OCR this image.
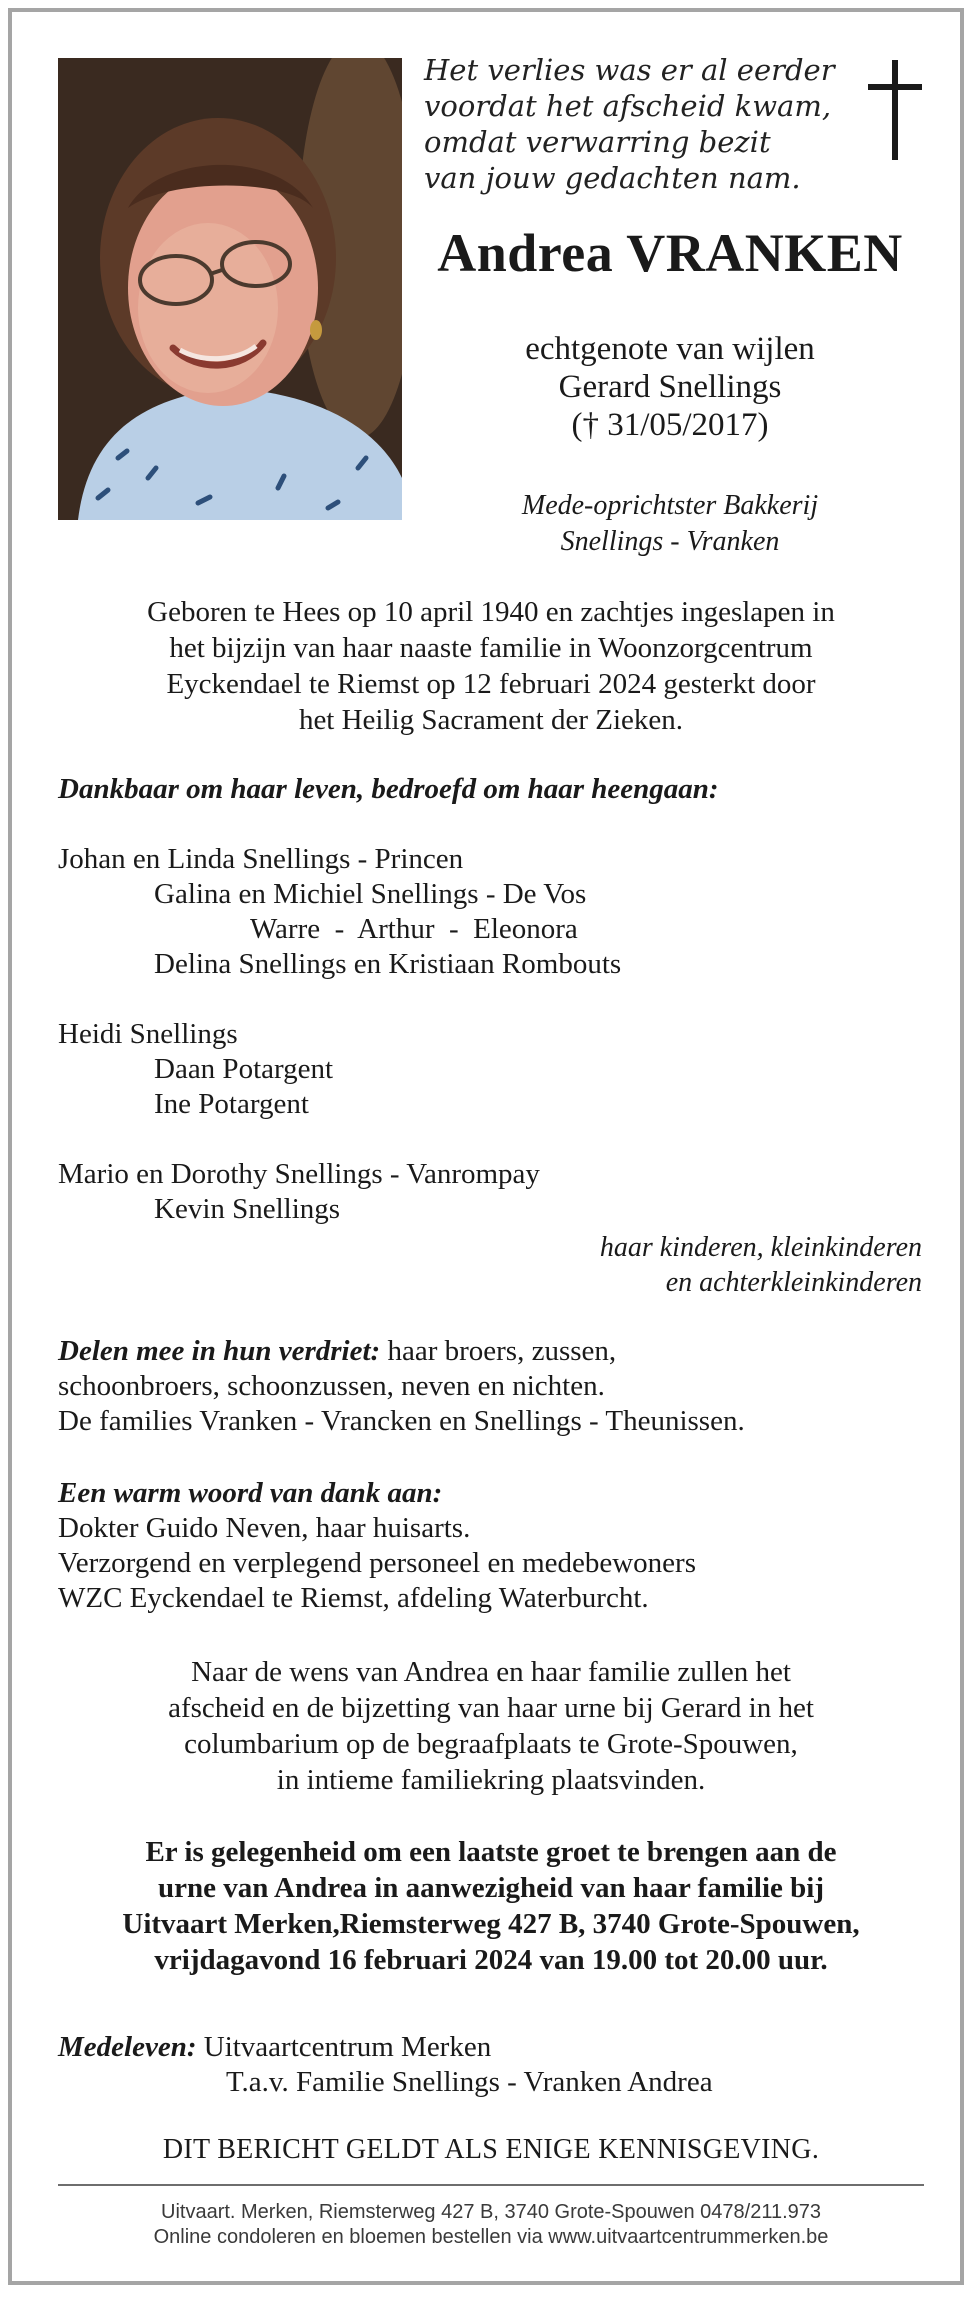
Het verlies was er al eerder
voordat het afscheid kwam,
omdat verwarring bezit
van jouw gedachten nam.
Andrea VRANKEN
echtgenote van wijlen
Gerard Snellings
(† 31/05/2017)
Mede-oprichtster Bakkerij
Snellings - Vranken
Geboren te Hees op 10 april 1940 en zachtjes ingeslapen in
het bijzijn van haar naaste familie in Woonzorgcentrum
Eyckendael te Riemst op 12 februari 2024 gesterkt door
het Heilig Sacrament der Zieken.
Dankbaar om haar leven, bedroefd om haar heengaan:
Johan en Linda Snellings - Princen
Galina en Michiel Snellings - De Vos
Warre  -  Arthur  -  Eleonora
Delina Snellings en Kristiaan Rombouts
Heidi Snellings
Daan Potargent
Ine Potargent
Mario en Dorothy Snellings - Vanrompay
Kevin Snellings
haar kinderen, kleinkinderen
en achterkleinkinderen
Delen mee in hun verdriet: haar broers, zussen,
schoonbroers, schoonzussen, neven en nichten.
De families Vranken - Vrancken en Snellings - Theunissen.
Een warm woord van dank aan:
Dokter Guido Neven, haar huisarts.
Verzorgend en verplegend personeel en medebewoners
WZC Eyckendael te Riemst, afdeling Waterburcht.
Naar de wens van Andrea en haar familie zullen het
afscheid en de bijzetting van haar urne bij Gerard in het
columbarium op de begraafplaats te Grote-Spouwen,
in intieme familiekring plaatsvinden.
Er is gelegenheid om een laatste groet te brengen aan de
urne van Andrea in aanwezigheid van haar familie bij
Uitvaart Merken,Riemsterweg 427 B, 3740 Grote-Spouwen,
vrijdagavond 16 februari 2024 van 19.00 tot 20.00 uur.
Medeleven: Uitvaartcentrum Merken
T.a.v. Familie Snellings - Vranken Andrea
DIT BERICHT GELDT ALS ENIGE KENNISGEVING.
Uitvaart. Merken, Riemsterweg 427 B, 3740 Grote-Spouwen 0478/211.973
Online condoleren en bloemen bestellen via www.uitvaartcentrummerken.be
